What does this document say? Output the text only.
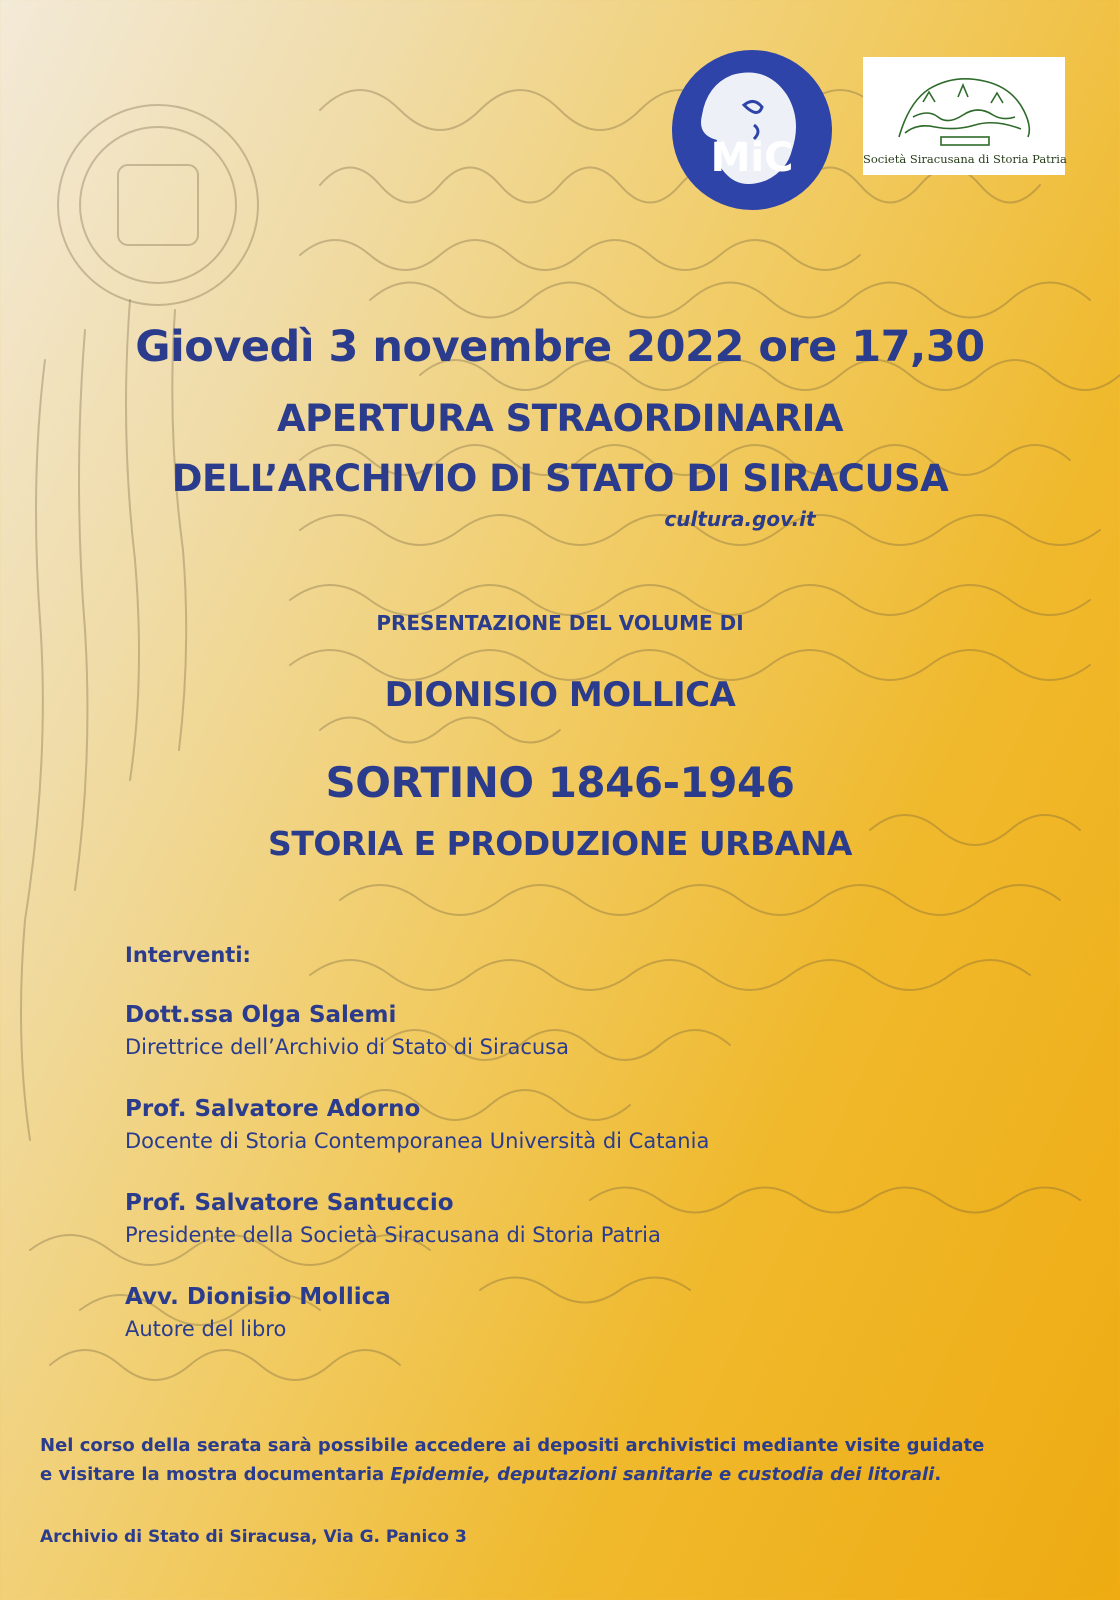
MiC	Società Siracusana di Storia Patria
Giovedì 3 novembre 2022 ore 17,30
APERTURA STRAORDINARIA
DELL’ARCHIVIO DI STATO DI SIRACUSA
cultura.gov.it
PRESENTAZIONE DEL VOLUME DI
DIONISIO MOLLICA
SORTINO 1846-1946
STORIA E PRODUZIONE URBANA
Interventi:
Dott.ssa Olga Salemi
Direttrice dell’Archivio di Stato di Siracusa
Prof. Salvatore Adorno
Docente di Storia Contemporanea Università di Catania
Prof. Salvatore Santuccio
Presidente della Società Siracusana di Storia Patria
Avv. Dionisio Mollica
Autore del libro
Nel corso della serata sarà possibile accedere ai depositi archivistici mediante visite guidate
e visitare la mostra documentaria Epidemie, deputazioni sanitarie e custodia dei litorali.
Archivio di Stato di Siracusa, Via G. Panico 3
